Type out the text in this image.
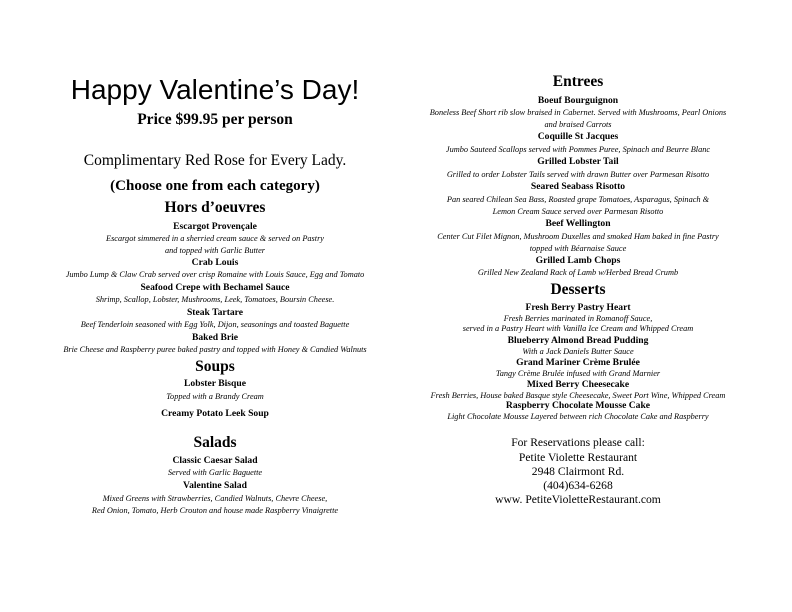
Happy Valentine’s Day!

Price $99.95 per person

Complimentary Red Rose for Every Lady.

(Choose one from each category)

Hors d’oeuvres

Escargot Provençale

Escargot simmered in a sherried cream sauce & served on Pastry

and topped with Garlic Butter

Crab Louis

Jumbo Lump & Claw Crab served over crisp Romaine with Louis Sauce, Egg and Tomato

Seafood Crepe with Bechamel Sauce

Shrimp, Scallop, Lobster, Mushrooms, Leek, Tomatoes, Boursin Cheese.

Steak Tartare

Beef Tenderloin seasoned with Egg Yolk, Dijon, seasonings and toasted Baguette

Baked Brie

Brie Cheese and Raspberry puree baked pastry and topped with Honey & Candied Walnuts

Soups

Lobster Bisque

Topped with a Brandy Cream

Creamy Potato Leek Soup

Salads

Classic Caesar Salad

Served with Garlic Baguette

Valentine Salad

Mixed Greens with Strawberries, Candied Walnuts, Chevre Cheese,

Red Onion, Tomato, Herb Crouton and house made Raspberry Vinaigrette

Entrees

Boeuf Bourguignon

Boneless Beef Short rib slow braised in Cabernet. Served with Mushrooms, Pearl Onions

and braised Carrots

Coquille St Jacques

Jumbo Sauteed Scallops served with Pommes Puree, Spinach and Beurre Blanc

Grilled Lobster Tail

Grilled to order Lobster Tails served with drawn Butter over Parmesan Risotto

Seared Seabass Risotto

Pan seared Chilean Sea Bass, Roasted grape Tomatoes, Asparagus, Spinach &

Lemon Cream Sauce served over Parmesan Risotto

Beef Wellington

Center Cut Filet Mignon, Mushroom Duxelles and smoked Ham baked in fine Pastry

topped with Béarnaise Sauce

Grilled Lamb Chops

Grilled New Zealand Rack of Lamb w/Herbed Bread Crumb

Desserts

Fresh Berry Pastry Heart

Fresh Berries marinated in Romanoff Sauce,

served in a Pastry Heart with Vanilla Ice Cream and Whipped Cream

Blueberry Almond Bread Pudding

With a Jack Daniels Butter Sauce

Grand Mariner Crème Brulée

Tangy Crème Brulée infused with Grand Marnier

Mixed Berry Cheesecake

Fresh Berries, House baked Basque style Cheesecake, Sweet Port Wine, Whipped Cream

Raspberry Chocolate Mousse Cake

Light Chocolate Mousse Layered between rich Chocolate Cake and Raspberry

For Reservations please call:

Petite Violette Restaurant

2948 Clairmont Rd.

(404)634-6268

www. PetiteVioletteRestaurant.com
